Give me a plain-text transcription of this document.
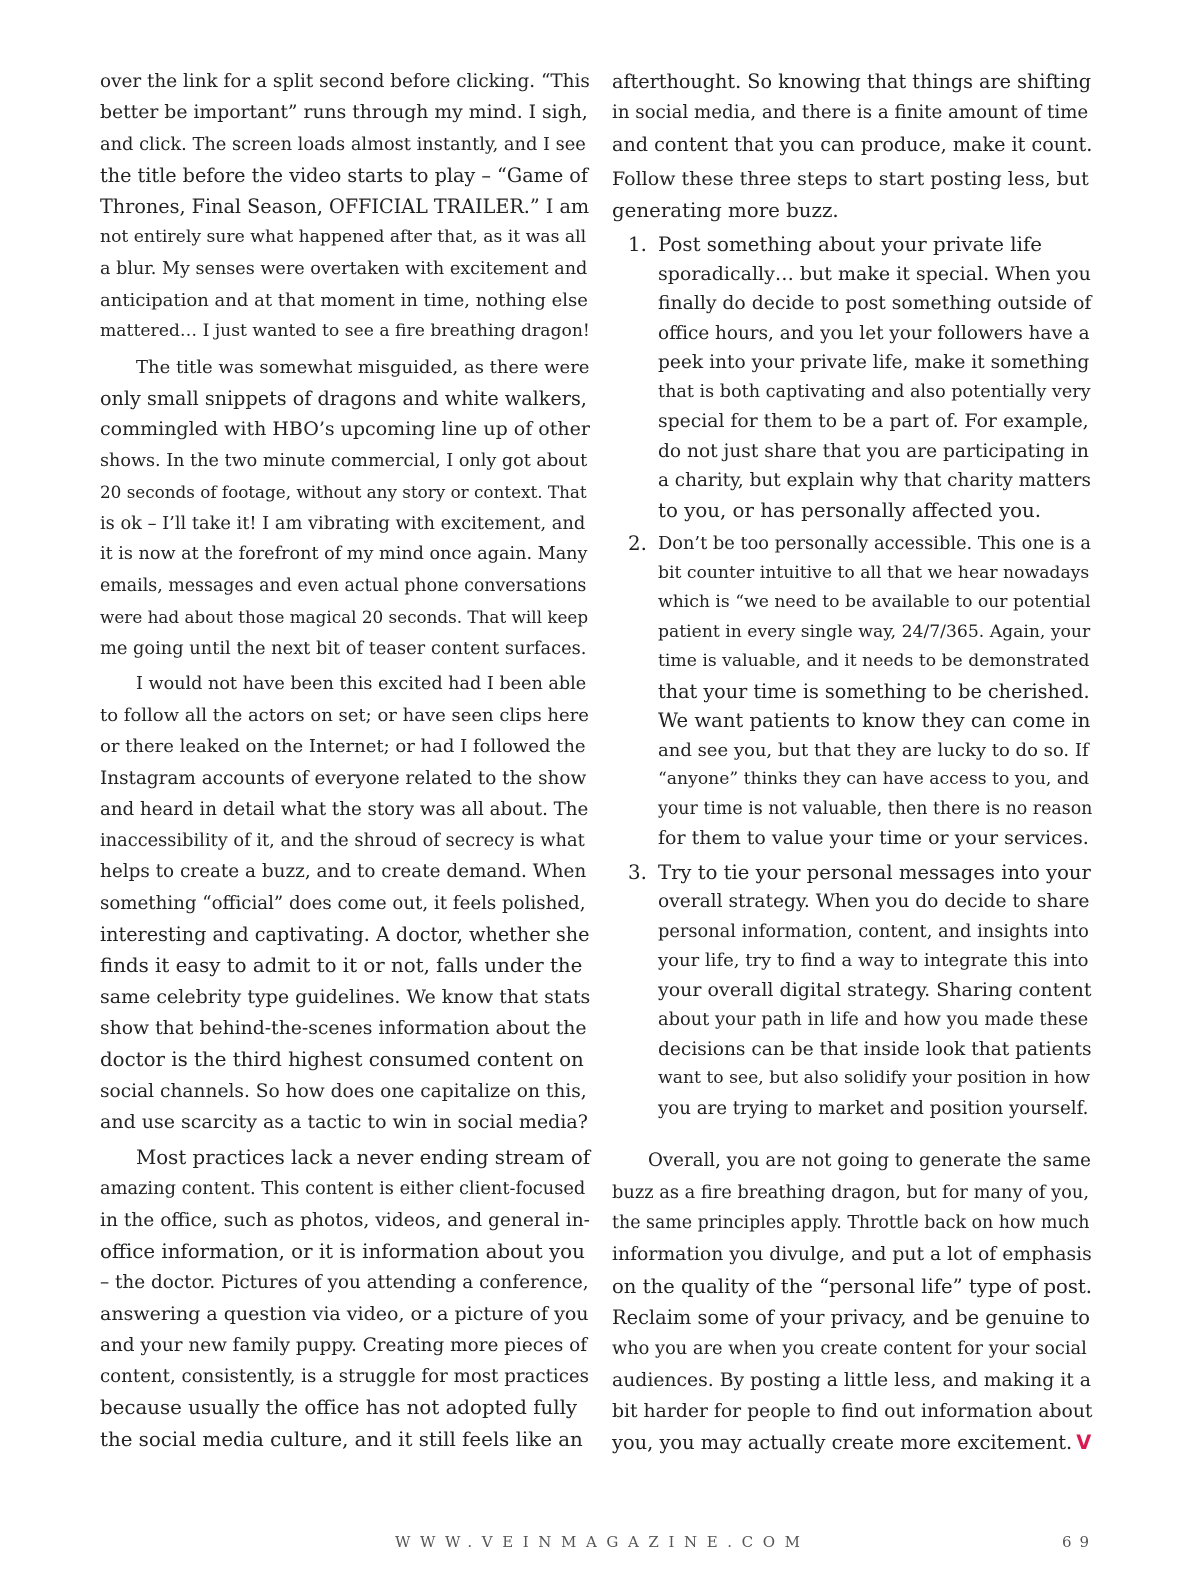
over the link for a split second before clicking. “This
better be important” runs through my mind. I sigh,
and click. The screen loads almost instantly, and I see
the title before the video starts to play – “Game of
Thrones, Final Season, OFFICIAL TRAILER.” I am
not entirely sure what happened after that, as it was all
a blur. My senses were overtaken with excitement and
anticipation and at that moment in time, nothing else
mattered… I just wanted to see a fire breathing dragon!
The title was somewhat misguided, as there were
only small snippets of dragons and white walkers,
commingled with HBO’s upcoming line up of other
shows. In the two minute commercial, I only got about
20 seconds of footage, without any story or context. That
is ok – I’ll take it! I am vibrating with excitement, and
it is now at the forefront of my mind once again. Many
emails, messages and even actual phone conversations
were had about those magical 20 seconds. That will keep
me going until the next bit of teaser content surfaces.
I would not have been this excited had I been able
to follow all the actors on set; or have seen clips here
or there leaked on the Internet; or had I followed the
Instagram accounts of everyone related to the show
and heard in detail what the story was all about. The
inaccessibility of it, and the shroud of secrecy is what
helps to create a buzz, and to create demand. When
something “official” does come out, it feels polished,
interesting and captivating. A doctor, whether she
finds it easy to admit to it or not, falls under the
same celebrity type guidelines. We know that stats
show that behind-the-scenes information about the
doctor is the third highest consumed content on
social channels. So how does one capitalize on this,
and use scarcity as a tactic to win in social media?
Most practices lack a never ending stream of
amazing content. This content is either client-focused
in the office, such as photos, videos, and general in-
office information, or it is information about you
– the doctor. Pictures of you attending a conference,
answering a question via video, or a picture of you
and your new family puppy. Creating more pieces of
content, consistently, is a struggle for most practices
because usually the office has not adopted fully
the social media culture, and it still feels like an
afterthought. So knowing that things are shifting
in social media, and there is a finite amount of time
and content that you can produce, make it count.
Follow these three steps to start posting less, but
generating more buzz.
1. Post something about your private life
sporadically… but make it special. When you
finally do decide to post something outside of
office hours, and you let your followers have a
peek into your private life, make it something
that is both captivating and also potentially very
special for them to be a part of. For example,
do not just share that you are participating in
a charity, but explain why that charity matters
to you, or has personally affected you.
2. Don’t be too personally accessible. This one is a
bit counter intuitive to all that we hear nowadays
which is “we need to be available to our potential
patient in every single way, 24/7/365. Again, your
time is valuable, and it needs to be demonstrated
that your time is something to be cherished.
We want patients to know they can come in
and see you, but that they are lucky to do so. If
“anyone” thinks they can have access to you, and
your time is not valuable, then there is no reason
for them to value your time or your services.
3. Try to tie your personal messages into your
overall strategy. When you do decide to share
personal information, content, and insights into
your life, try to find a way to integrate this into
your overall digital strategy. Sharing content
about your path in life and how you made these
decisions can be that inside look that patients
want to see, but also solidify your position in how
you are trying to market and position yourself.
Overall, you are not going to generate the same
buzz as a fire breathing dragon, but for many of you,
the same principles apply. Throttle back on how much
information you divulge, and put a lot of emphasis
on the quality of the “personal life” type of post.
Reclaim some of your privacy, and be genuine to
who you are when you create content for your social
audiences. By posting a little less, and making it a
bit harder for people to find out information about
you, you may actually create more excitement. V
WWW.VEINMAGAZINE.COM	69
